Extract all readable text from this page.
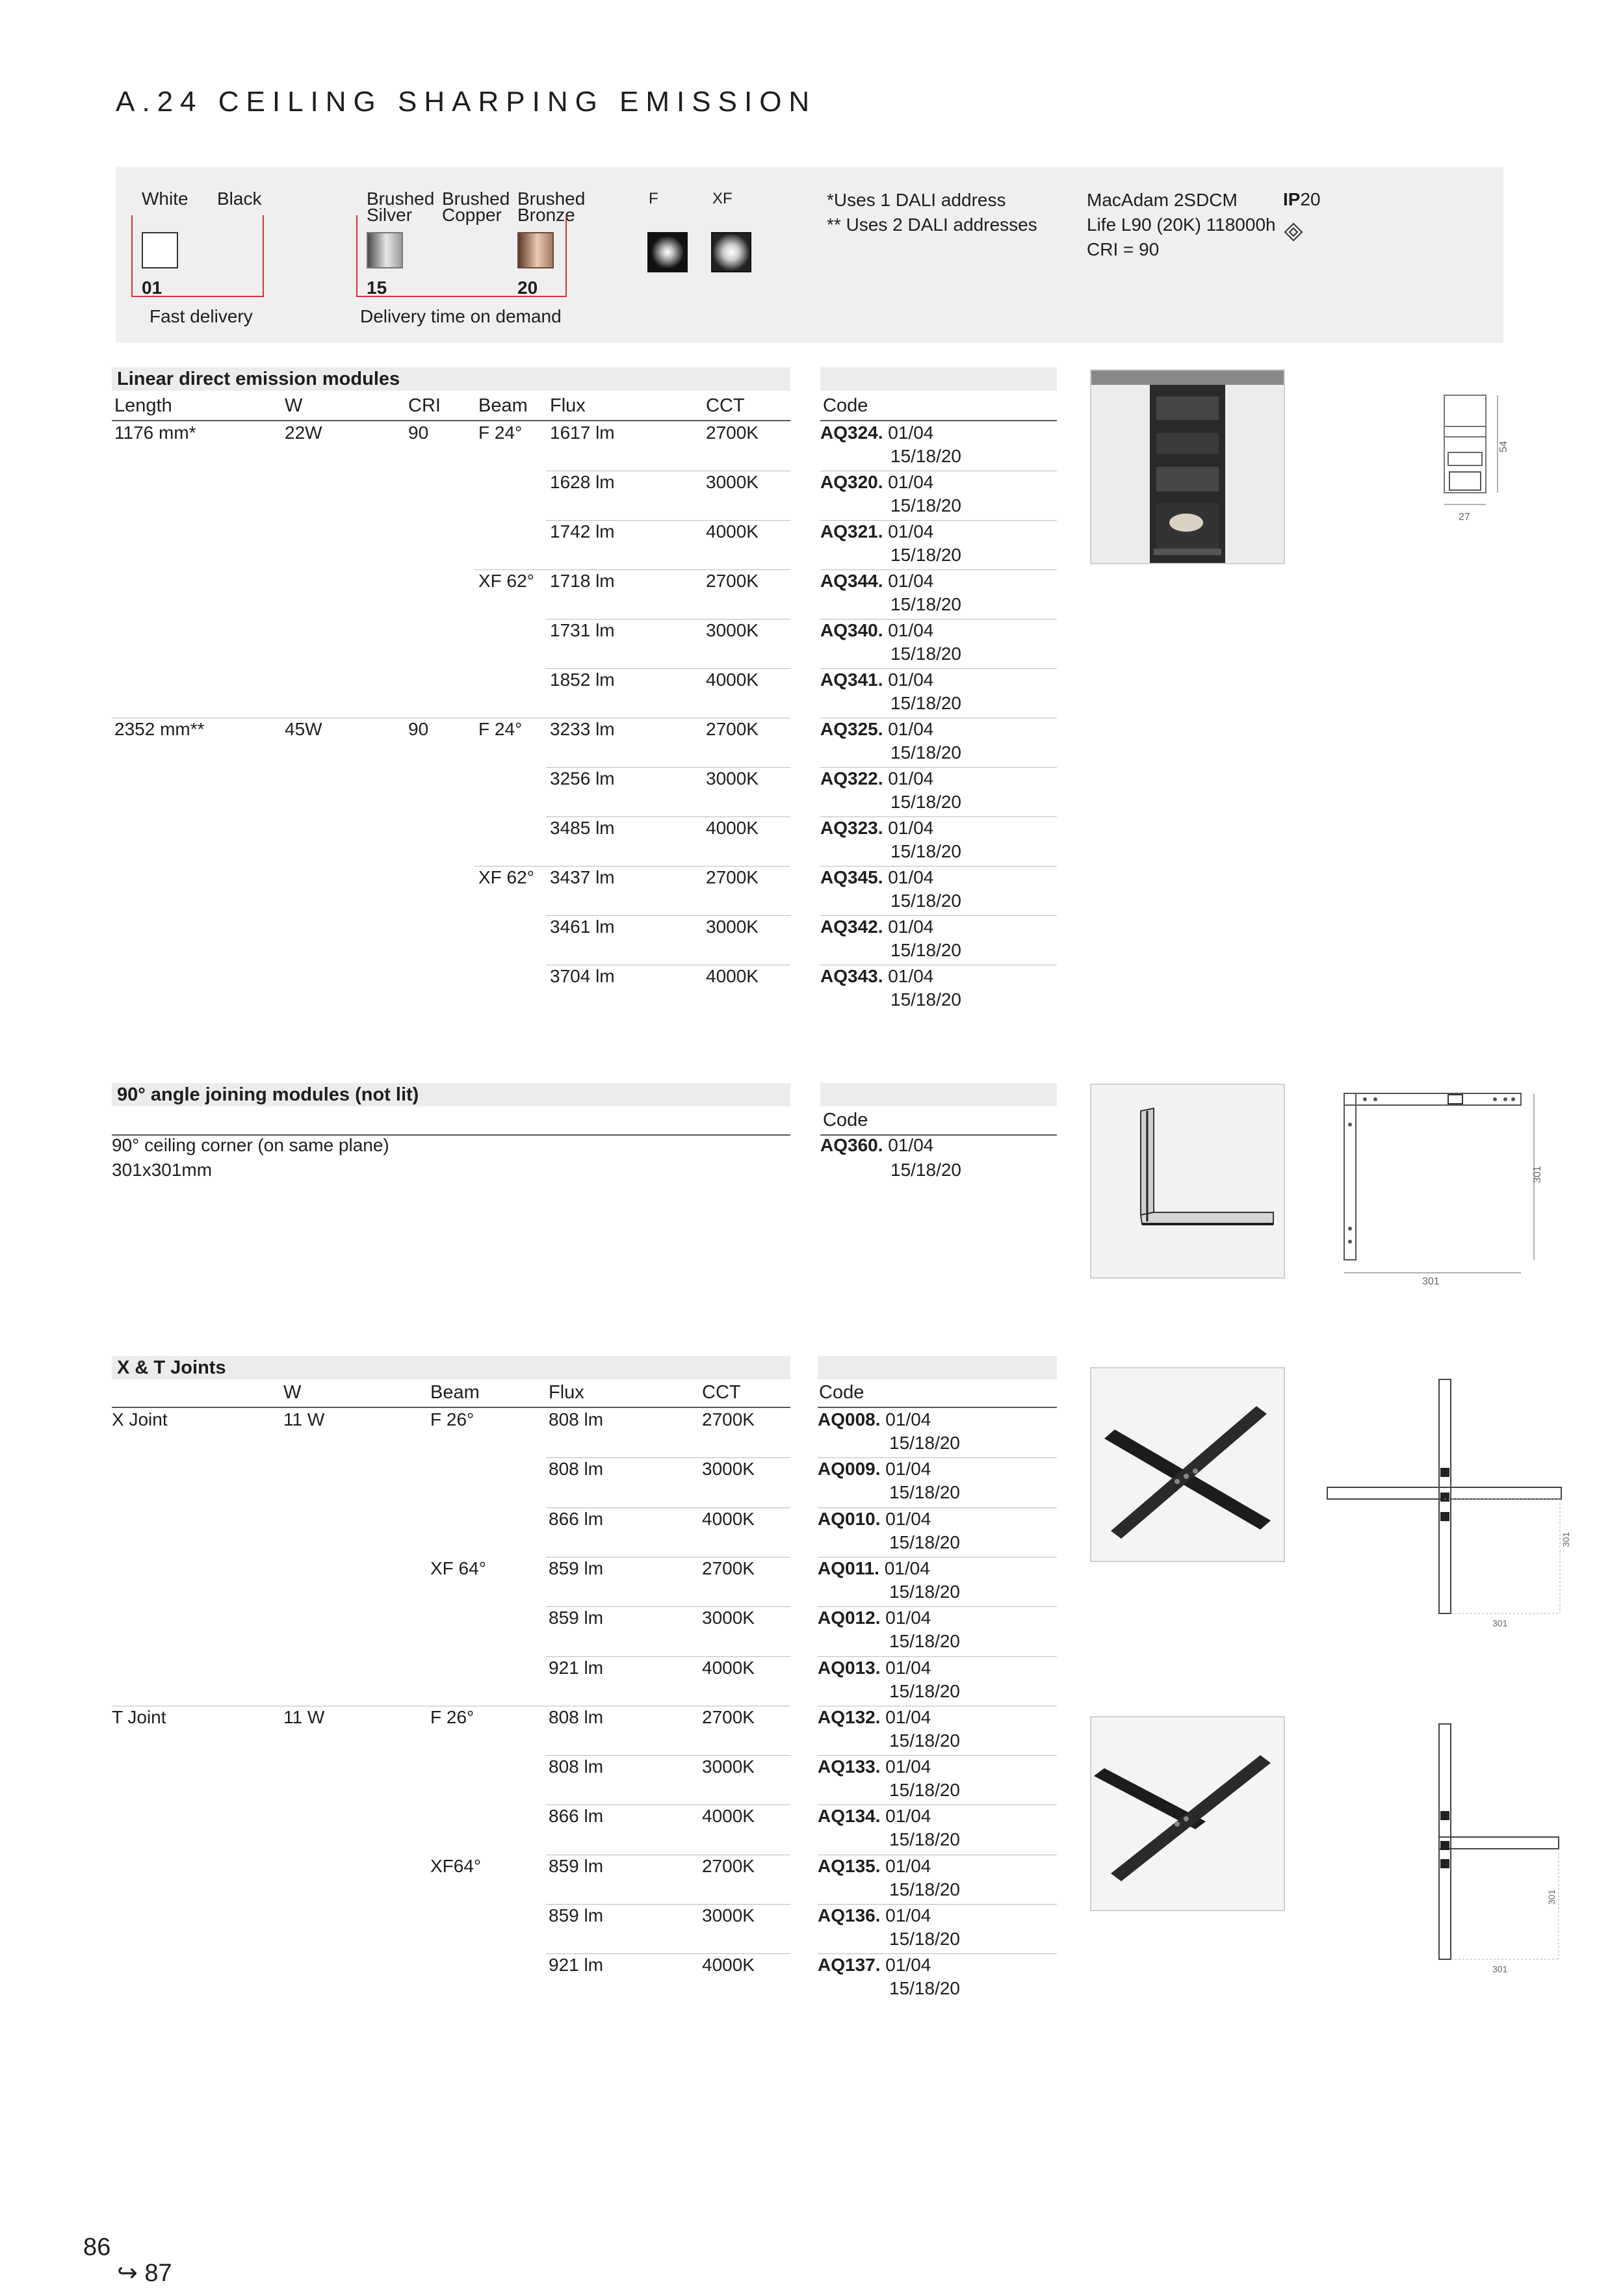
A.24 CEILING SHARPING EMISSION
White Black
01
Fast delivery
Brushed
Silver
Brushed
Copper
Brushed
Bronze
15	20
Delivery time on demand
F	XF	*Uses 1 DALI address
** Uses 2 DALI addresses
MacAdam 2SDCM
Life L90 (20K) 118000h
CRI = 90
IP20
Linear direct emission modules
Length	W	CRI Beam Flux	CCT	Code
1176 mm*	22W	90	F 24° 1617 lm	2700K	AQ324. 01/04
15/18/20
1628 lm	3000K	AQ320. 01/04
15/18/20
1742 lm	4000K	AQ321. 01/04
15/18/20
XF 62° 1718 lm	2700K	AQ344. 01/04
15/18/20
1731 lm	3000K	AQ340. 01/04
15/18/20
1852 lm	4000K	AQ341. 01/04
15/18/20
2352 mm**	45W	90	F 24° 3233 lm	2700K	AQ325. 01/04
15/18/20
3256 lm	3000K	AQ322. 01/04
15/18/20
3485 lm	4000K	AQ323. 01/04
15/18/20
XF 62° 3437 lm	2700K	AQ345. 01/04
15/18/20
3461 lm	3000K	AQ342. 01/04
15/18/20
3704 lm	4000K	AQ343. 01/04
15/18/20
54
27
90° angle joining modules (not lit)
Code
90° ceiling corner (on same plane)
301x301mm
AQ360. 01/04
15/18/20	301
301
X & T Joints
W	Beam	Flux	CCT	Code
X Joint	11 W	F 26°	808 lm	2700K	AQ008. 01/04
15/18/20
808 lm	3000K	AQ009. 01/04
15/18/20
866 lm	4000K	AQ010. 01/04
15/18/20
XF 64°	859 lm	2700K	AQ011. 01/04
15/18/20
859 lm	3000K	AQ012. 01/04
15/18/20
921 lm	4000K	AQ013. 01/04
15/18/20
T Joint	11 W	F 26°	808 lm	2700K	AQ132. 01/04
15/18/20
808 lm	3000K	AQ133. 01/04
15/18/20
866 lm	4000K	AQ134. 01/04
15/18/20
XF64°	859 lm	2700K	AQ135. 01/04
15/18/20
859 lm	3000K	AQ136. 01/04
15/18/20
921 lm	4000K	AQ137. 01/04
15/18/20
301
301
301
301
86
↪ 87
